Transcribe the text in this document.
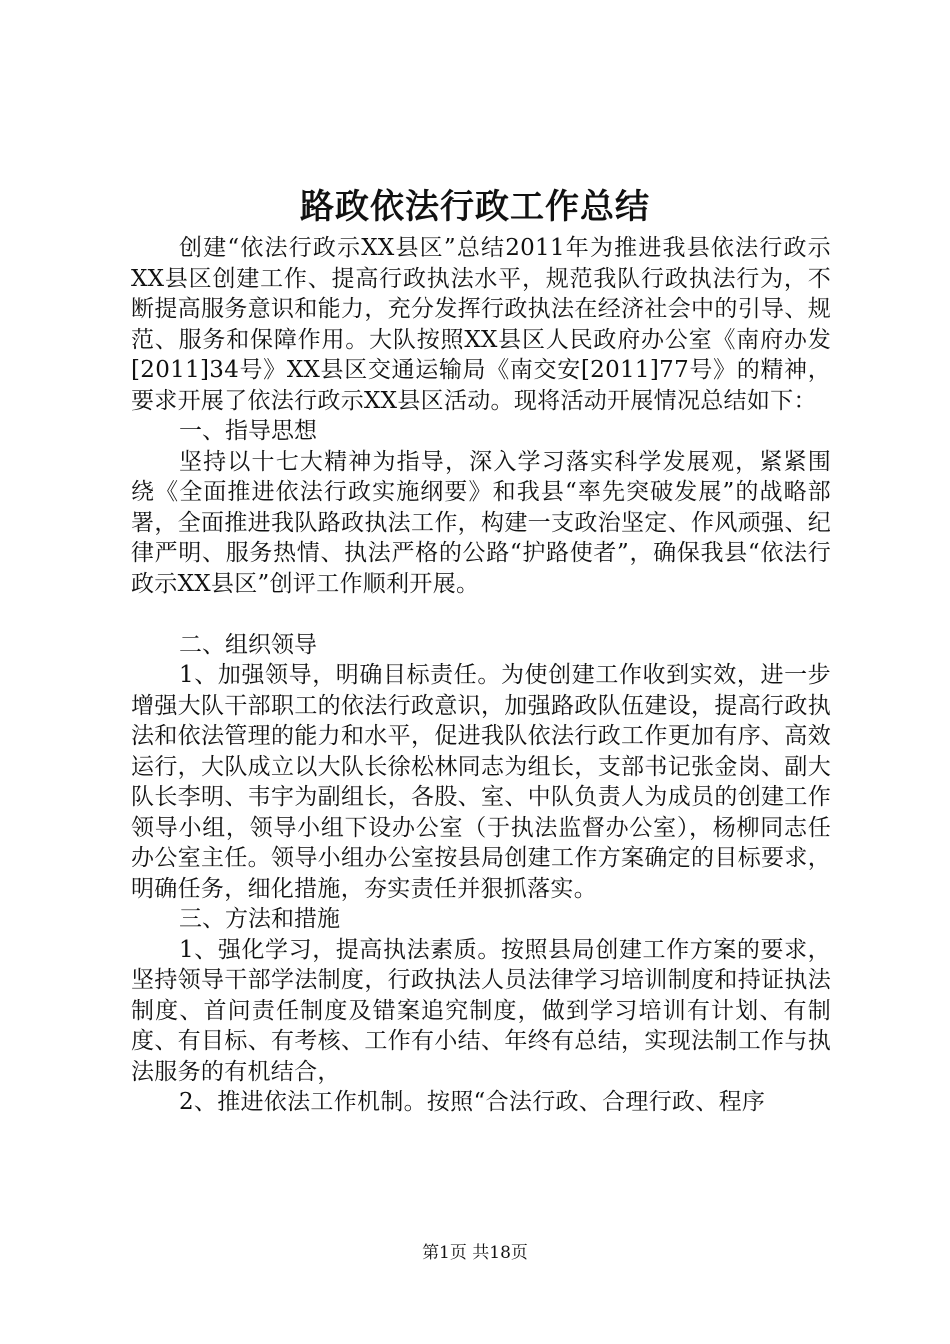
路政依法行政工作总结

创建“依法行政示XX县区”总结2011年为推进我县依法行政示XX县区创建工作、提高行政执法水平，规范我队行政执法行为，不断提高服务意识和能力，充分发挥行政执法在经济社会中的引导、规范、服务和保障作用。大队按照XX县区人民政府办公室《南府办发[2011]34号》XX县区交通运输局《南交安[2011]77号》的精神，要求开展了依法行政示XX县区活动。现将活动开展情况总结如下：

一、指导思想

坚持以十七大精神为指导，深入学习落实科学发展观，紧紧围绕《全面推进依法行政实施纲要》和我县“率先突破发展”的战略部署，全面推进我队路政执法工作，构建一支政治坚定、作风顽强、纪律严明、服务热情、执法严格的公路“护路使者”，确保我县“依法行政示XX县区”创评工作顺利开展。

二、组织领导

1、加强领导，明确目标责任。为使创建工作收到实效，进一步增强大队干部职工的依法行政意识，加强路政队伍建设，提高行政执法和依法管理的能力和水平，促进我队依法行政工作更加有序、高效运行，大队成立以大队长徐松林同志为组长，支部书记张金岗、副大队长李明、韦宇为副组长，各股、室、中队负责人为成员的创建工作领导小组，领导小组下设办公室（于执法监督办公室），杨柳同志任办公室主任。领导小组办公室按县局创建工作方案确定的目标要求，明确任务，细化措施，夯实责任并狠抓落实。

三、方法和措施

1、强化学习，提高执法素质。按照县局创建工作方案的要求，坚持领导干部学法制度，行政执法人员法律学习培训制度和持证执法制度、首问责任制度及错案追究制度，做到学习培训有计划、有制度、有目标、有考核、工作有小结、年终有总结，实现法制工作与执法服务的有机结合，

2、推进依法工作机制。按照“合法行政、合理行政、程序

第1页 共18页
